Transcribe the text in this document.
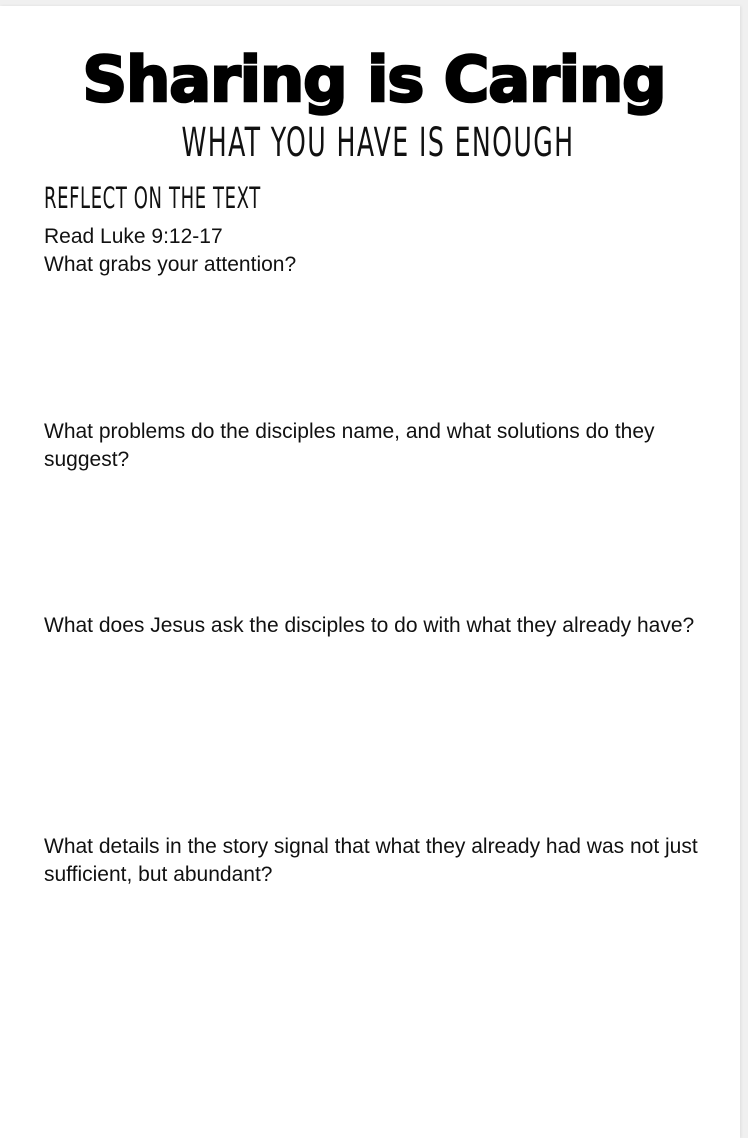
Sharing is Caring
WHAT YOU HAVE IS ENOUGH
REFLECT ON THE TEXT
Read Luke 9:12-17
What grabs your attention?
What problems do the disciples name, and what solutions do they suggest?
What does Jesus ask the disciples to do with what they already have?
What details in the story signal that what they already had was not just sufficient, but abundant?
